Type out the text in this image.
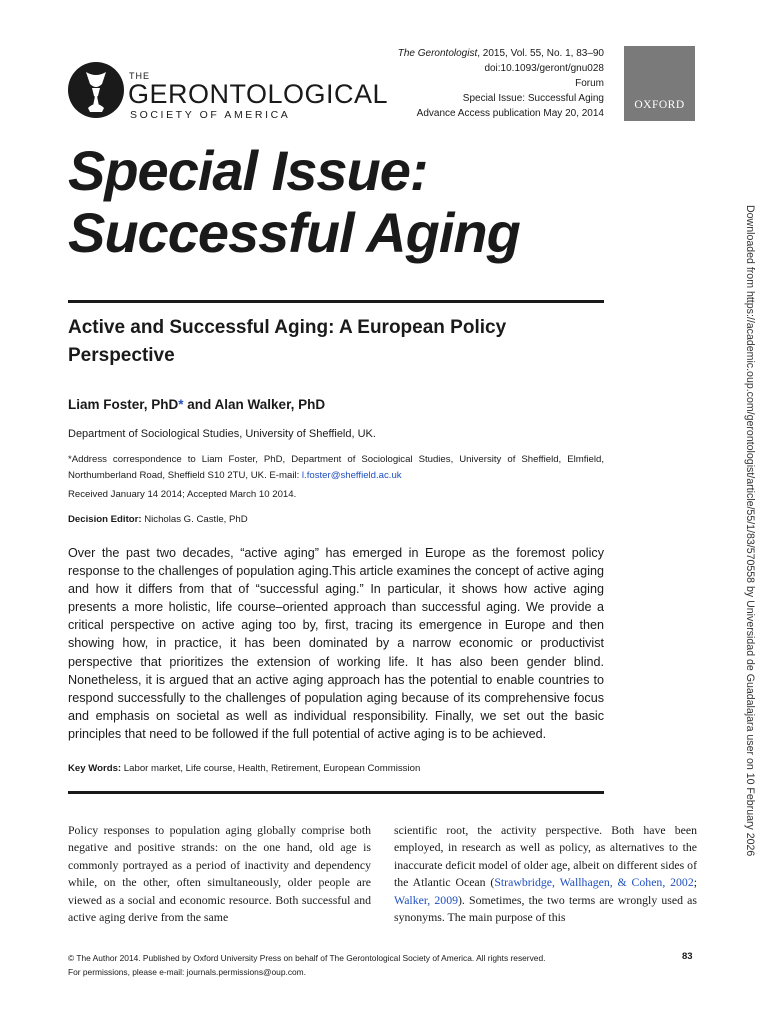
THE
GERONTOLOGICAL
SOCIETY OF AMERICA
The Gerontologist, 2015, Vol. 55, No. 1, 83–90
doi:10.1093/geront/gnu028
Forum
Special Issue: Successful Aging
Advance Access publication May 20, 2014
OXFORD
Downloaded from https://academic.oup.com/gerontologist/article/55/1/83/570558 by Universidad de Guadalajara user on 10 February 2026
Special Issue:
Successful Aging
Active and Successful Aging: A European Policy Perspective
Liam Foster, PhD* and Alan Walker, PhD
Department of Sociological Studies, University of Sheffield, UK.
*Address correspondence to Liam Foster, PhD, Department of Sociological Studies, University of Sheffield, Elmfield, Northumberland Road, Sheffield S10 2TU, UK. E-mail: l.foster@sheffield.ac.uk
Received January 14 2014; Accepted March 10 2014.
Decision Editor: Nicholas G. Castle, PhD
Over the past two decades, “active aging” has emerged in Europe as the foremost policy response to the challenges of population aging.This article examines the concept of active aging and how it differs from that of “successful aging.” In particular, it shows how active aging presents a more holistic, life course–oriented approach than successful aging. We provide a critical perspective on active aging too by, first, tracing its emergence in Europe and then showing how, in practice, it has been dominated by a narrow economic or productivist perspective that prioritizes the extension of working life. It has also been gender blind. Nonetheless, it is argued that an active aging approach has the potential to enable countries to respond successfully to the challenges of population aging because of its comprehensive focus and emphasis on societal as well as individual responsibility. Finally, we set out the basic principles that need to be followed if the full potential of active aging is to be achieved.
Key Words: Labor market, Life course, Health, Retirement, European Commission
Policy responses to population aging globally comprise both negative and positive strands: on the one hand, old age is commonly portrayed as a period of inactivity and dependency while, on the other, often simultaneously, older people are viewed as a social and economic resource. Both successful and active aging derive from the same
scientific root, the activity perspective. Both have been employed, in research as well as policy, as alternatives to the inaccurate deficit model of older age, albeit on different sides of the Atlantic Ocean (Strawbridge, Wallhagen, & Cohen, 2002; Walker, 2009). Sometimes, the two terms are wrongly used as synonyms. The main purpose of this
© The Author 2014. Published by Oxford University Press on behalf of The Gerontological Society of America. All rights reserved.
For permissions, please e-mail: journals.permissions@oup.com.
83
